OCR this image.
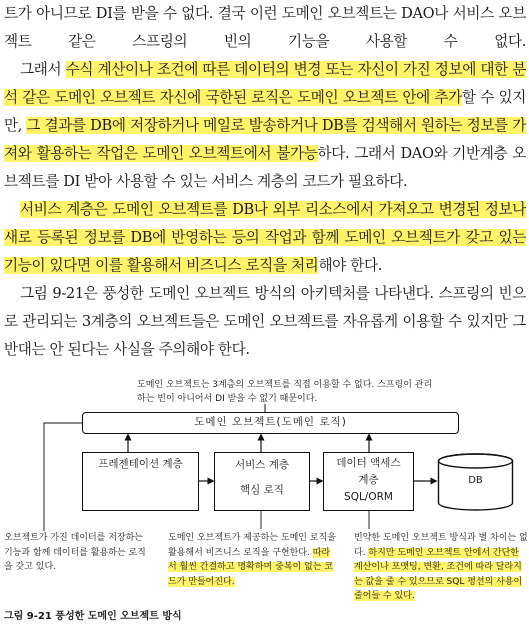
트가 아니므로 DI를 받을 수 없다. 결국 이런 도메인 오브젝트는 DAO나 서비스 오브
젝트 같은 스프링의 빈의 기능을 사용할 수 없다.

그래서 수식 계산이나 조건에 따른 데이터의 변경 또는 자신이 가진 정보에 대한 분석 같은 도메인 오브젝트 자신에 국한된 로직은 도메인 오브젝트 안에 추가할 수 있지만, 그 결과를 DB에 저장하거나 메일로 발송하거나 DB를 검색해서 원하는 정보를 가져와 활용하는 작업은 도메인 오브젝트에서 불가능하다. 그래서 DAO와 기반계층 오브젝트를 DI 받아 사용할 수 있는 서비스 계층의 코드가 필요하다.

서비스 계층은 도메인 오브젝트를 DB나 외부 리소스에서 가져오고 변경된 정보나 새로 등록된 정보를 DB에 반영하는 등의 작업과 함께 도메인 오브젝트가 갖고 있는 기능이 있다면 이를 활용해서 비즈니스 로직을 처리해야 한다.

그림 9-21은 풍성한 도메인 오브젝트 방식의 아키텍처를 나타낸다. 스프링의 빈으로 관리되는 3계층의 오브젝트들은 도메인 오브젝트를 자유롭게 이용할 수 있지만 그 반대는 안 된다는 사실을 주의해야 한다.

도메인 오브젝트는 3계층의 오브젝트를 직접 이용할 수 없다. 스프링이 관리하는 빈이 아니어서 DI 받을 수 없기 때문이다.
도메인 오브젝트(도메인 로직)
프레젠테이션 계층	서비스 계층
핵심 로직
데이터 액세스
계층
SQL/ORM
DB
오브젝트가 가진 데이터를 저장하는 기능과 함께 데이터를 활용하는 로직을 갖고 있다.
도메인 오브젝트가 제공하는 도메인 로직을 활용해서 비즈니스 로직을 구현한다. 따라서 훨씬 간결하고 명확하며 중복이 없는 코드가 만들어진다.
빈약한 도메인 오브젝트 방식과 별 차이는 없다. 하지만 도메인 오브젝트 안에서 간단한 계산이나 포맷팅, 변환, 조건에 따라 달라지는 값을 줄 수 있으므로 SQL 평션의 사용이 줄어들 수 있다.
그림 9-21 풍성한 도메인 오브젝트 방식
